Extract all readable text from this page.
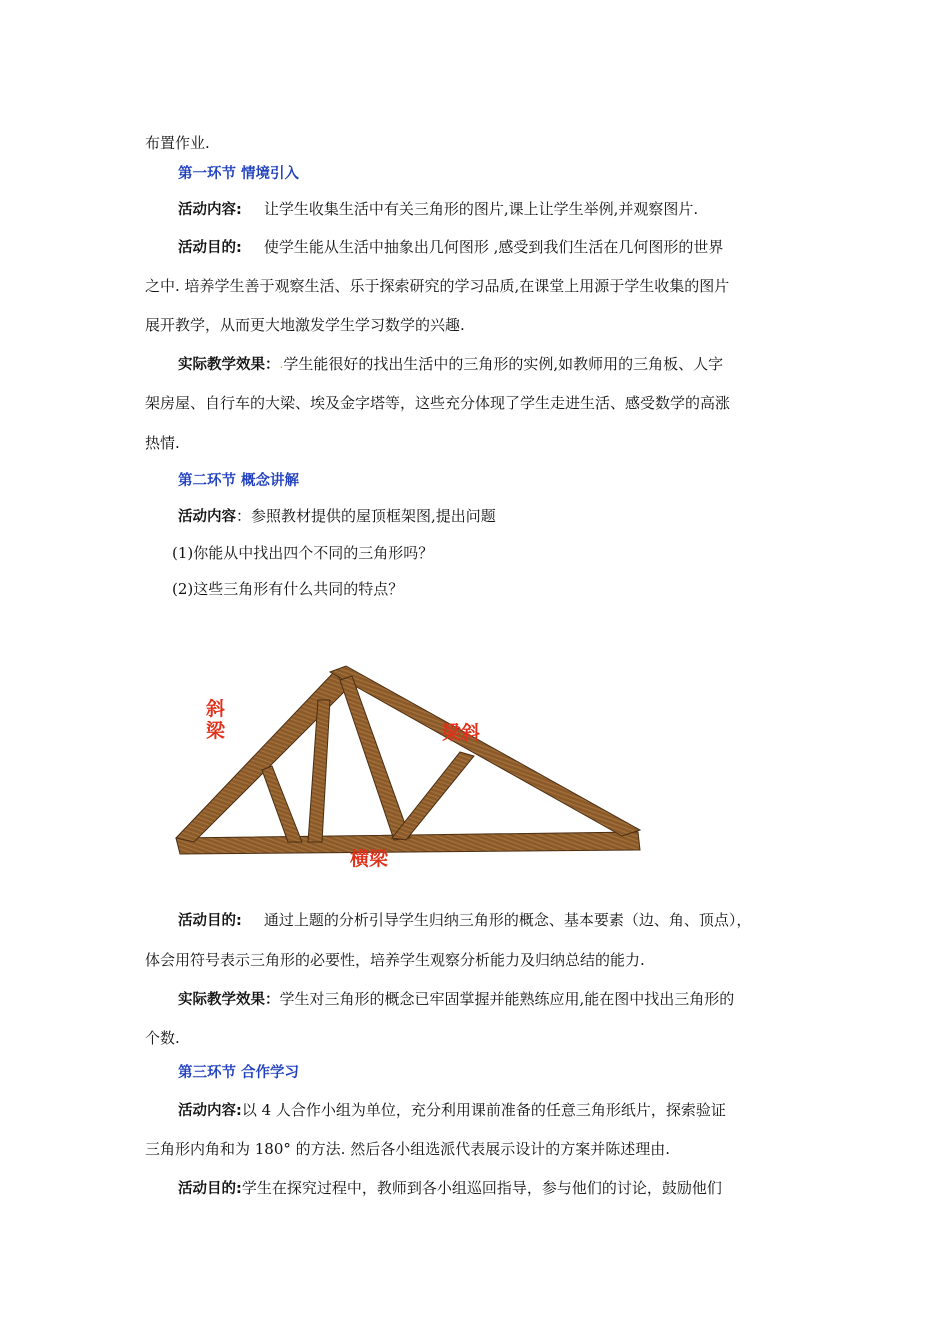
布置作业.
第一环节 情境引入
活动内容: 让学生收集生活中有关三角形的图片,课上让学生举例,并观察图片.
活动目的: 使学生能从生活中抽象出几何图形 ,感受到我们生活在几何图形的世界
之中. 培养学生善于观察生活、乐于探索研究的学习品质,在课堂上用源于学生收集的图片
展开教学，从而更大地激发学生学习数学的兴趣.
实际教学效果：.学生能很好的找出生活中的三角形的实例,如教师用的三角板、人字
架房屋、自行车的大梁、埃及金字塔等，这些充分体现了学生走进生活、感受数学的高涨
热情.
第二环节 概念讲解
活动内容：参照教材提供的屋顶框架图,提出问题
(1)你能从中找出四个不同的三角形吗？
(2)这些三角形有什么共同的特点？
斜
梁	梁斜
横梁
活动目的: 通过上题的分析引导学生归纳三角形的概念、基本要素（边、角、顶点），
体会用符号表示三角形的必要性，培养学生观察分析能力及归纳总结的能力.
实际教学效果：学生对三角形的概念已牢固掌握并能熟练应用,能在图中找出三角形的
个数.
第三环节 合作学习
活动内容:以 4 人合作小组为单位，充分利用课前准备的任意三角形纸片，探索验证
三角形内角和为 180° 的方法. 然后各小组选派代表展示设计的方案并陈述理由.
活动目的:学生在探究过程中，教师到各小组巡回指导，参与他们的讨论，鼓励他们
